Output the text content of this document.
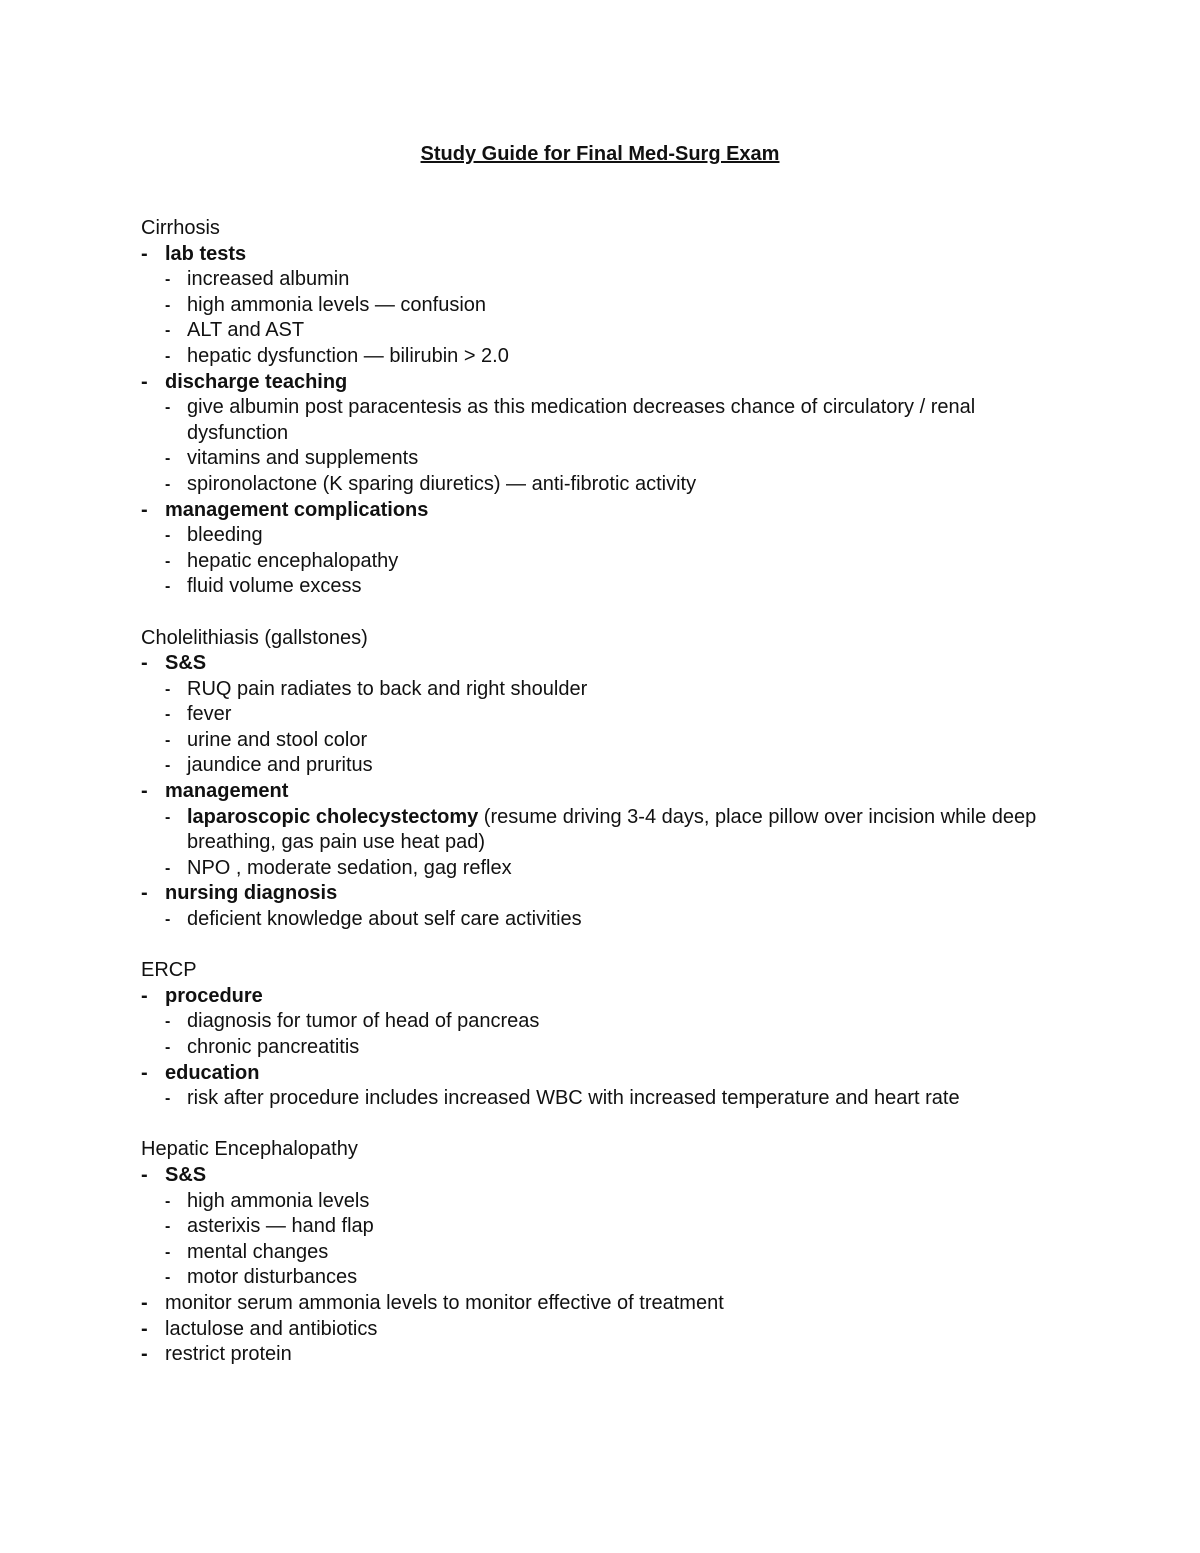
Study Guide for Final Med-Surg Exam
Cirrhosis
- lab tests
- increased albumin
- high ammonia levels — confusion
- ALT and AST
- hepatic dysfunction — bilirubin > 2.0
- discharge teaching
- give albumin post paracentesis as this medication decreases chance of circulatory / renal dysfunction
- vitamins and supplements
- spironolactone (K sparing diuretics) — anti-fibrotic activity
- management complications
- bleeding
- hepatic encephalopathy
- fluid volume excess
Cholelithiasis (gallstones)
- S&S
- RUQ pain radiates to back and right shoulder
- fever
- urine and stool color
- jaundice and pruritus
- management
- laparoscopic cholecystectomy (resume driving 3-4 days, place pillow over incision while deep breathing, gas pain use heat pad)
- NPO , moderate sedation, gag reflex
- nursing diagnosis
- deficient knowledge about self care activities
ERCP
- procedure
- diagnosis for tumor of head of pancreas
- chronic pancreatitis
- education
- risk after procedure includes increased WBC with increased temperature and heart rate
Hepatic Encephalopathy
- S&S
- high ammonia levels
- asterixis — hand flap
- mental changes
- motor disturbances
- monitor serum ammonia levels to monitor effective of treatment
- lactulose and antibiotics
- restrict protein
